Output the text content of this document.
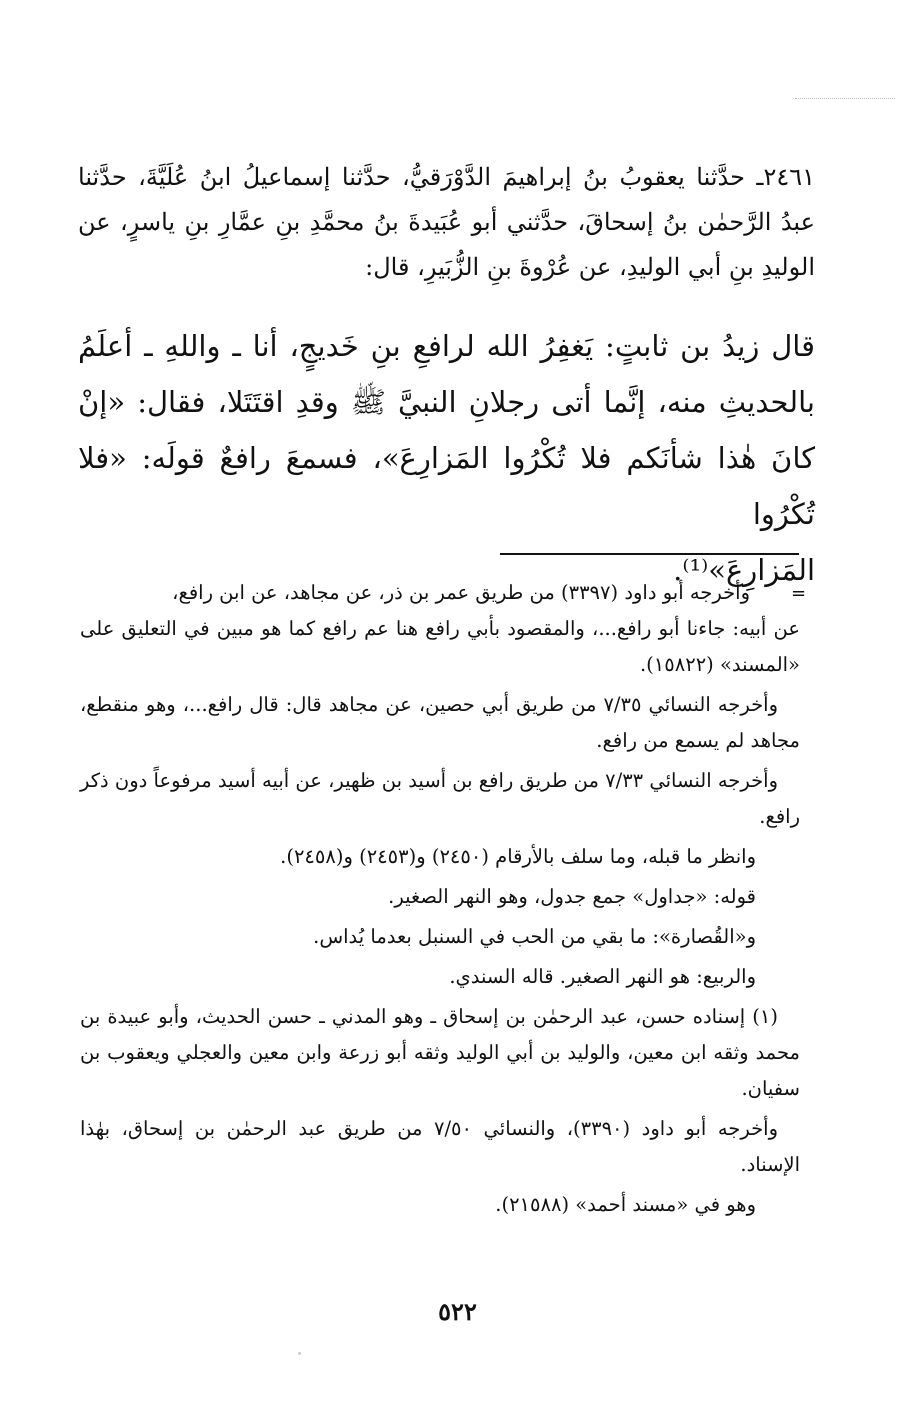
٢٤٦١ـ حدَّثنا يعقوبُ بنُ إبراهيمَ الدَّوْرَقيُّ، حدَّثنا إسماعيلُ ابنُ عُلَيَّةَ، حدَّثنا عبدُ الرَّحمٰن بنُ إسحاقَ، حدَّثني أبو عُبَيدةَ بنُ محمَّدِ بنِ عمَّارِ بنِ ياسرٍ، عن الوليدِ بنِ أبي الوليدِ، عن عُرْوةَ بنِ الزُّبَيرِ، قال:

قال زيدُ بن ثابتٍ: يَغفِرُ الله لرافعِ بنِ خَديجٍ، أنا ـ واللهِ ـ أعلَمُ بالحديثِ منه، إنَّما أتى رجلانِ النبيَّ ﷺ وقدِ اقتَتَلا، فقال: «إنْ كانَ هٰذا شأنَكم فلا تُكْرُوا المَزارِعَ»، فسمعَ رافعٌ قولَه: «فلا تُكْرُوا
المَزارِعَ»⁽¹⁾.

=

وأخرجه أبو داود (٣٣٩٧) من طريق عمر بن ذر، عن مجاهد، عن ابن رافع،
عن أبيه: جاءنا أبو رافع...، والمقصود بأبي رافع هنا عم رافع كما هو مبين في التعليق على «المسند» (١٥٨٢٢).

وأخرجه النسائي ٧/٣٥ من طريق أبي حصين، عن مجاهد قال: قال رافع...، وهو منقطع، مجاهد لم يسمع من رافع.

وأخرجه النسائي ٧/٣٣ من طريق رافع بن أسيد بن ظهير، عن أبيه أسيد مرفوعاً دون ذكر رافع.

وانظر ما قبله، وما سلف بالأرقام (٢٤٥٠) و(٢٤٥٣) و(٢٤٥٨).

قوله: «جداول» جمع جدول، وهو النهر الصغير.

و«القُصارة»: ما بقي من الحب في السنبل بعدما يُداس.

والربيع: هو النهر الصغير. قاله السندي.

(١) إسناده حسن، عبد الرحمٰن بن إسحاق ـ وهو المدني ـ حسن الحديث، وأبو عبيدة بن محمد وثقه ابن معين، والوليد بن أبي الوليد وثقه أبو زرعة وابن معين والعجلي ويعقوب بن سفيان.

وأخرجه أبو داود (٣٣٩٠)، والنسائي ٧/٥٠ من طريق عبد الرحمٰن بن إسحاق، بهٰذا الإسناد.

وهو في «مسند أحمد» (٢١٥٨٨).

٥٢٢
